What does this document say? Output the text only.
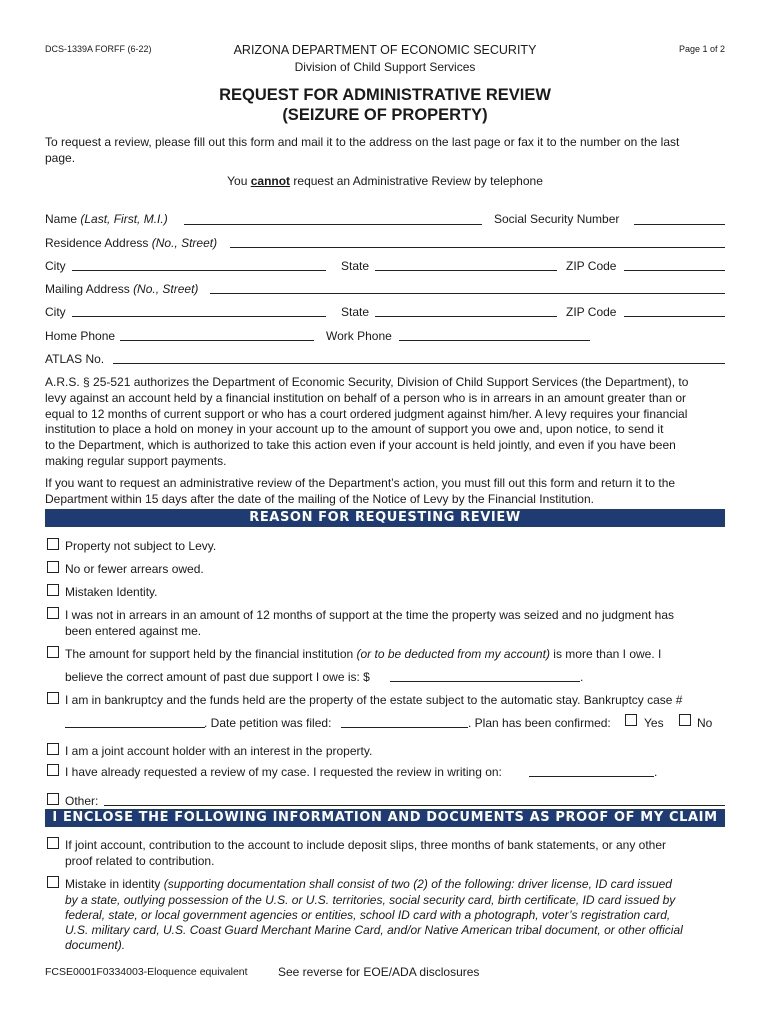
DCS-1339A FORFF (6-22)	ARIZONA DEPARTMENT OF ECONOMIC SECURITY
Division of Child Support Services
Page 1 of 2
REQUEST FOR ADMINISTRATIVE REVIEW
(SEIZURE OF PROPERTY)
To request a review, please fill out this form and mail it to the address on the last page or fax it to the number on the last
page.
You cannot request an Administrative Review by telephone
Name (Last, First, M.I.)	Social Security Number
Residence Address (No., Street)
City	State	ZIP Code
Mailing Address (No., Street)
City	State	ZIP Code
Home Phone	Work Phone
ATLAS No.
A.R.S. § 25-521 authorizes the Department of Economic Security, Division of Child Support Services (the Department), to
levy against an account held by a financial institution on behalf of a person who is in arrears in an amount greater than or
equal to 12 months of current support or who has a court ordered judgment against him/her. A levy requires your financial
institution to place a hold on money in your account up to the amount of support you owe and, upon notice, to send it
to the Department, which is authorized to take this action even if your account is held jointly, and even if you have been
making regular support payments.
If you want to request an administrative review of the Department’s action, you must fill out this form and return it to the
Department within 15 days after the date of the mailing of the Notice of Levy by the Financial Institution.
REASON FOR REQUESTING REVIEW
Property not subject to Levy.
No or fewer arrears owed.
Mistaken Identity.
I was not in arrears in an amount of 12 months of support at the time the property was seized and no judgment has
been entered against me.
The amount for support held by the financial institution (or to be deducted from my account) is more than I owe. I
believe the correct amount of past due support I owe is: $	.
I am in bankruptcy and the funds held are the property of the estate subject to the automatic stay. Bankruptcy case #
. Date petition was filed:	. Plan has been confirmed:	Yes	No
I am a joint account holder with an interest in the property.
I have already requested a review of my case. I requested the review in writing on:	.
Other:
I ENCLOSE THE FOLLOWING INFORMATION AND DOCUMENTS AS PROOF OF MY CLAIM
If joint account, contribution to the account to include deposit slips, three months of bank statements, or any other
proof related to contribution.
Mistake in identity (supporting documentation shall consist of two (2) of the following: driver license, ID card issued
by a state, outlying possession of the U.S. or U.S. territories, social security card, birth certificate, ID card issued by
federal, state, or local government agencies or entities, school ID card with a photograph, voter’s registration card,
U.S. military card, U.S. Coast Guard Merchant Marine Card, and/or Native American tribal document, or other official
document).
FCSE0001F0334003-Eloquence equivalent	See reverse for EOE/ADA disclosures
